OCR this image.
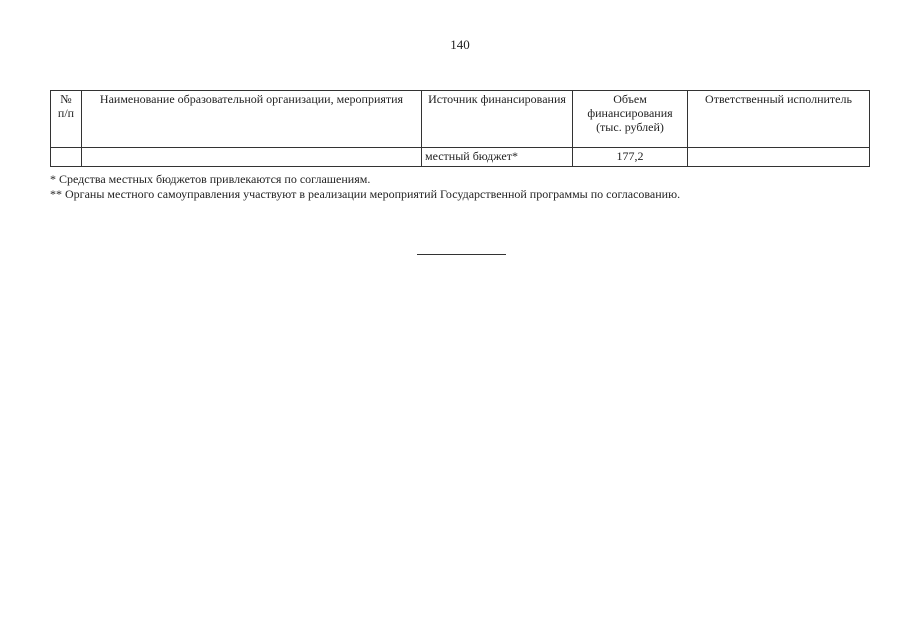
140
№ п/п	Наименование образовательной организации, мероприятия	Источник финансирования	Объем финансирования (тыс. рублей)	Ответственный исполнитель
		местный бюджет*	177,2	
* Средства местных бюджетов привлекаются по соглашениям.
** Органы местного самоуправления участвуют в реализации мероприятий Государственной программы по согласованию.
